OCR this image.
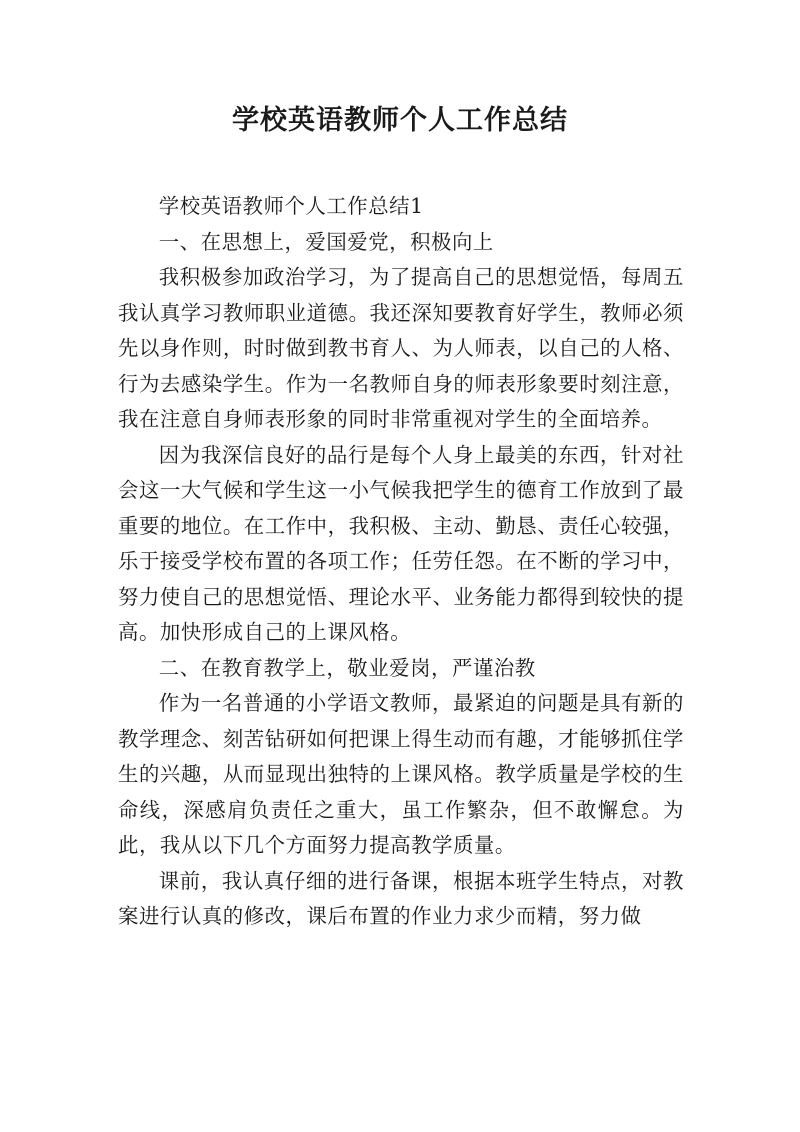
学校英语教师个人工作总结

学校英语教师个人工作总结1

一、在思想上，爱国爱党，积极向上

我积极参加政治学习，为了提高自己的思想觉悟，每周五我认真学习教师职业道德。我还深知要教育好学生，教师必须先以身作则，时时做到教书育人、为人师表，以自己的人格、行为去感染学生。作为一名教师自身的师表形象要时刻注意，我在注意自身师表形象的同时非常重视对学生的全面培养。

因为我深信良好的品行是每个人身上最美的东西，针对社会这一大气候和学生这一小气候我把学生的德育工作放到了最重要的地位。在工作中，我积极、主动、勤恳、责任心较强，乐于接受学校布置的各项工作；任劳任怨。在不断的学习中，努力使自己的思想觉悟、理论水平、业务能力都得到较快的提高。加快形成自己的上课风格。

二、在教育教学上，敬业爱岗，严谨治教

作为一名普通的小学语文教师，最紧迫的问题是具有新的教学理念、刻苦钻研如何把课上得生动而有趣，才能够抓住学生的兴趣，从而显现出独特的上课风格。教学质量是学校的生命线，深感肩负责任之重大，虽工作繁杂，但不敢懈怠。为此，我从以下几个方面努力提高教学质量。

课前，我认真仔细的进行备课，根据本班学生特点，对教案进行认真的修改，课后布置的作业力求少而精，努力做
